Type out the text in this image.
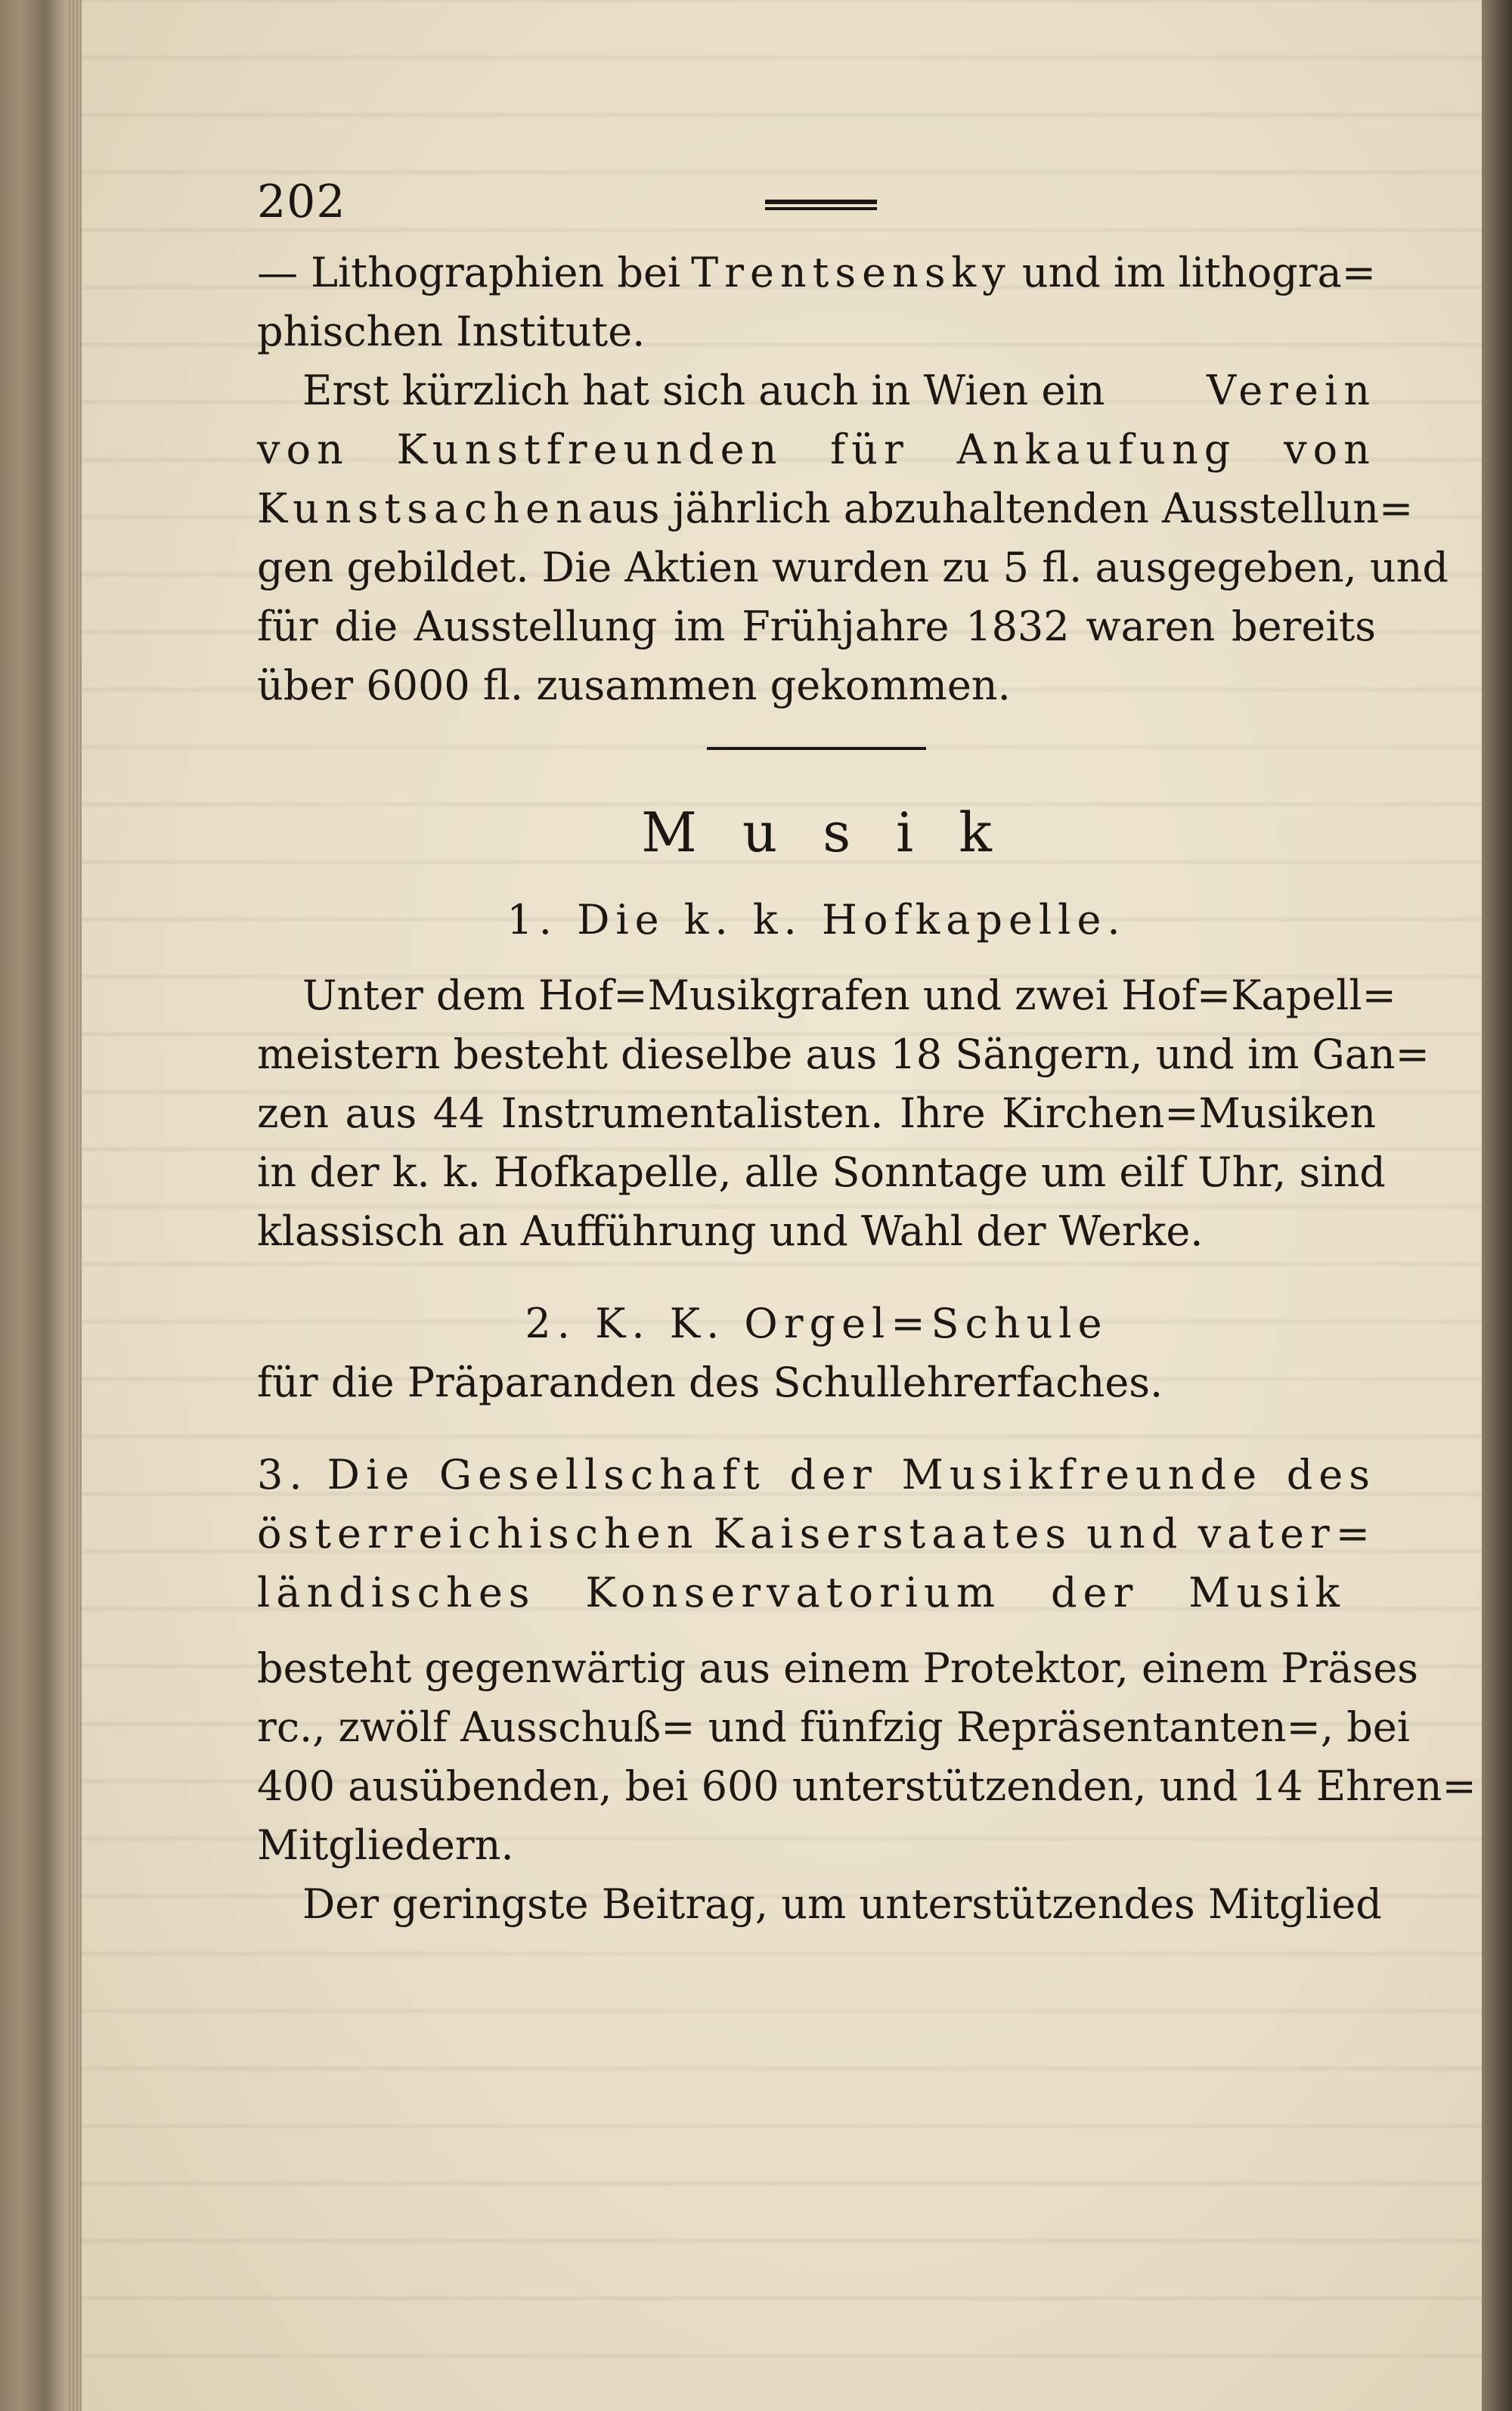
202
— Lithographien bei Trentsensky und im lithogra=
phischen Institute.
Erst kürzlich hat sich auch in Wien ein Verein
von Kunstfreunden für Ankaufung von
Kunstsachen aus jährlich abzuhaltenden Ausstellun=
gen gebildet. Die Aktien wurden zu 5 fl. ausgegeben, und
für die Ausstellung im Frühjahre 1832 waren bereits
über 6000 fl. zusammen gekommen.
Musik
1. Die k. k. Hofkapelle.
Unter dem Hof=Musikgrafen und zwei Hof=Kapell=
meistern besteht dieselbe aus 18 Sängern, und im Gan=
zen aus 44 Instrumentalisten. Ihre Kirchen=Musiken
in der k. k. Hofkapelle, alle Sonntage um eilf Uhr, sind
klassisch an Aufführung und Wahl der Werke.
2. K. K. Orgel=Schule
für die Präparanden des Schullehrerfaches.
3. Die Gesellschaft der Musikfreunde des
österreichischen Kaiserstaates und vater=
ländisches Konservatorium der Musik
besteht gegenwärtig aus einem Protektor, einem Präses
rc., zwölf Ausschuß= und fünfzig Repräsentanten=, bei
400 ausübenden, bei 600 unterstützenden, und 14 Ehren=
Mitgliedern.
Der geringste Beitrag, um unterstützendes Mitglied
